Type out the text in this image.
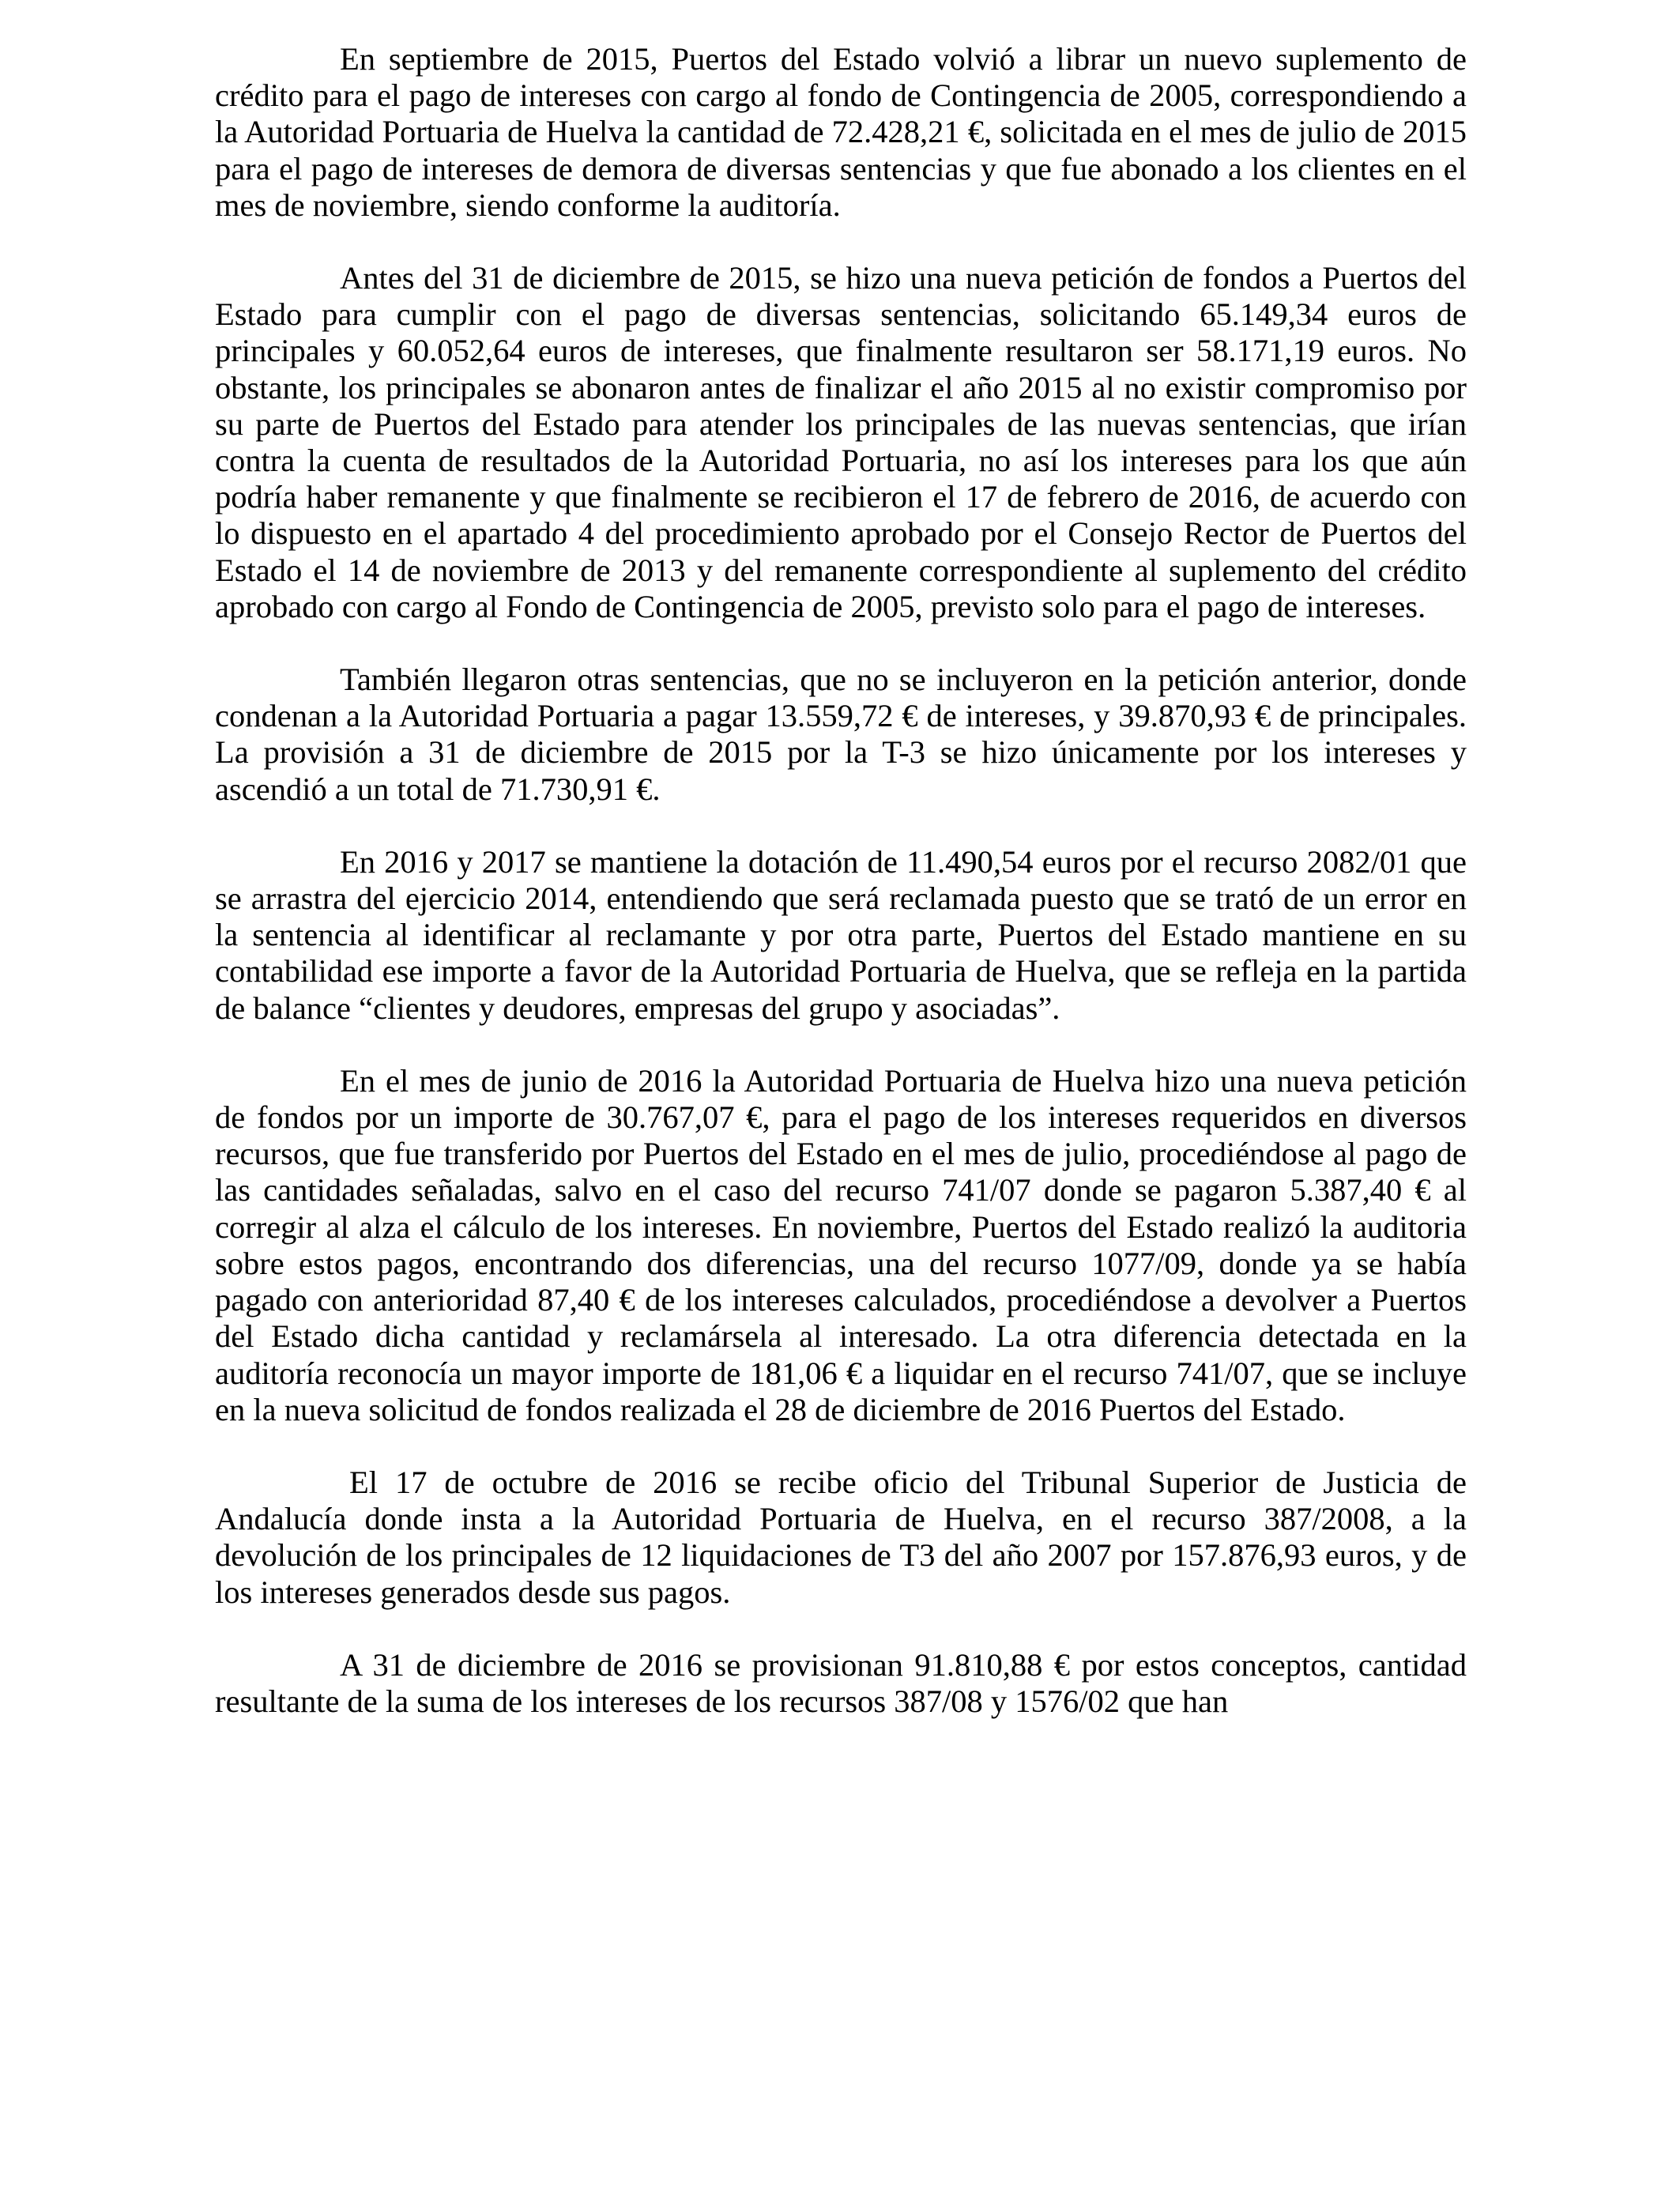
En septiembre de 2015, Puertos del Estado volvió a librar un nuevo suplemento de crédito para el pago de intereses con cargo al fondo de Contingencia de 2005, correspondiendo a la Autoridad Portuaria de Huelva la cantidad de 72.428,21 €, solicitada en el mes de julio de 2015 para el pago de intereses de demora de diversas sentencias y que fue abonado a los clientes en el mes de noviembre, siendo conforme la auditoría.

Antes del 31 de diciembre de 2015, se hizo una nueva petición de fondos a Puertos del Estado para cumplir con el pago de diversas sentencias, solicitando 65.149,34 euros de principales y 60.052,64 euros de intereses, que finalmente resultaron ser 58.171,19 euros. No obstante, los principales se abonaron antes de finalizar el año 2015 al no existir compromiso por su parte de Puertos del Estado para atender los principales de las nuevas sentencias, que irían contra la cuenta de resultados de la Autoridad Portuaria, no así los intereses para los que aún podría haber remanente y que finalmente se recibieron el 17 de febrero de 2016, de acuerdo con lo dispuesto en el apartado 4 del procedimiento aprobado por el Consejo Rector de Puertos del Estado el 14 de noviembre de 2013 y del remanente correspondiente al suplemento del crédito aprobado con cargo al Fondo de Contingencia de 2005, previsto solo para el pago de intereses.

También llegaron otras sentencias, que no se incluyeron en la petición anterior, donde condenan a la Autoridad Portuaria a pagar 13.559,72 € de intereses, y 39.870,93 € de principales. La provisión a 31 de diciembre de 2015 por la T-3 se hizo únicamente por los intereses y ascendió a un total de 71.730,91 €.

En 2016 y 2017 se mantiene la dotación de 11.490,54 euros por el recurso 2082/01 que se arrastra del ejercicio 2014, entendiendo que será reclamada puesto que se trató de un error en la sentencia al identificar al reclamante y por otra parte, Puertos del Estado mantiene en su contabilidad ese importe a favor de la Autoridad Portuaria de Huelva, que se refleja en la partida de balance “clientes y deudores, empresas del grupo y asociadas”.

En el mes de junio de 2016 la Autoridad Portuaria de Huelva hizo una nueva petición de fondos por un importe de 30.767,07 €, para el pago de los intereses requeridos en diversos recursos, que fue transferido por Puertos del Estado en el mes de julio, procediéndose al pago de las cantidades señaladas, salvo en el caso del recurso 741/07 donde se pagaron 5.387,40 € al corregir al alza el cálculo de los intereses. En noviembre, Puertos del Estado realizó la auditoria sobre estos pagos, encontrando dos diferencias, una del recurso 1077/09, donde ya se había pagado con anterioridad 87,40 € de los intereses calculados, procediéndose a devolver a Puertos del Estado dicha cantidad y reclamársela al interesado. La otra diferencia detectada en la auditoría reconocía un mayor importe de 181,06 € a liquidar en el recurso 741/07, que se incluye en la nueva solicitud de fondos realizada el 28 de diciembre de 2016 Puertos del Estado.

El 17 de octubre de 2016 se recibe oficio del Tribunal Superior de Justicia de Andalucía donde insta a la Autoridad Portuaria de Huelva, en el recurso 387/2008, a la devolución de los principales de 12 liquidaciones de T3 del año 2007 por 157.876,93 euros, y de los intereses generados desde sus pagos.

A 31 de diciembre de 2016 se provisionan 91.810,88 € por estos conceptos, cantidad resultante de la suma de los intereses de los recursos 387/08 y 1576/02 que han
